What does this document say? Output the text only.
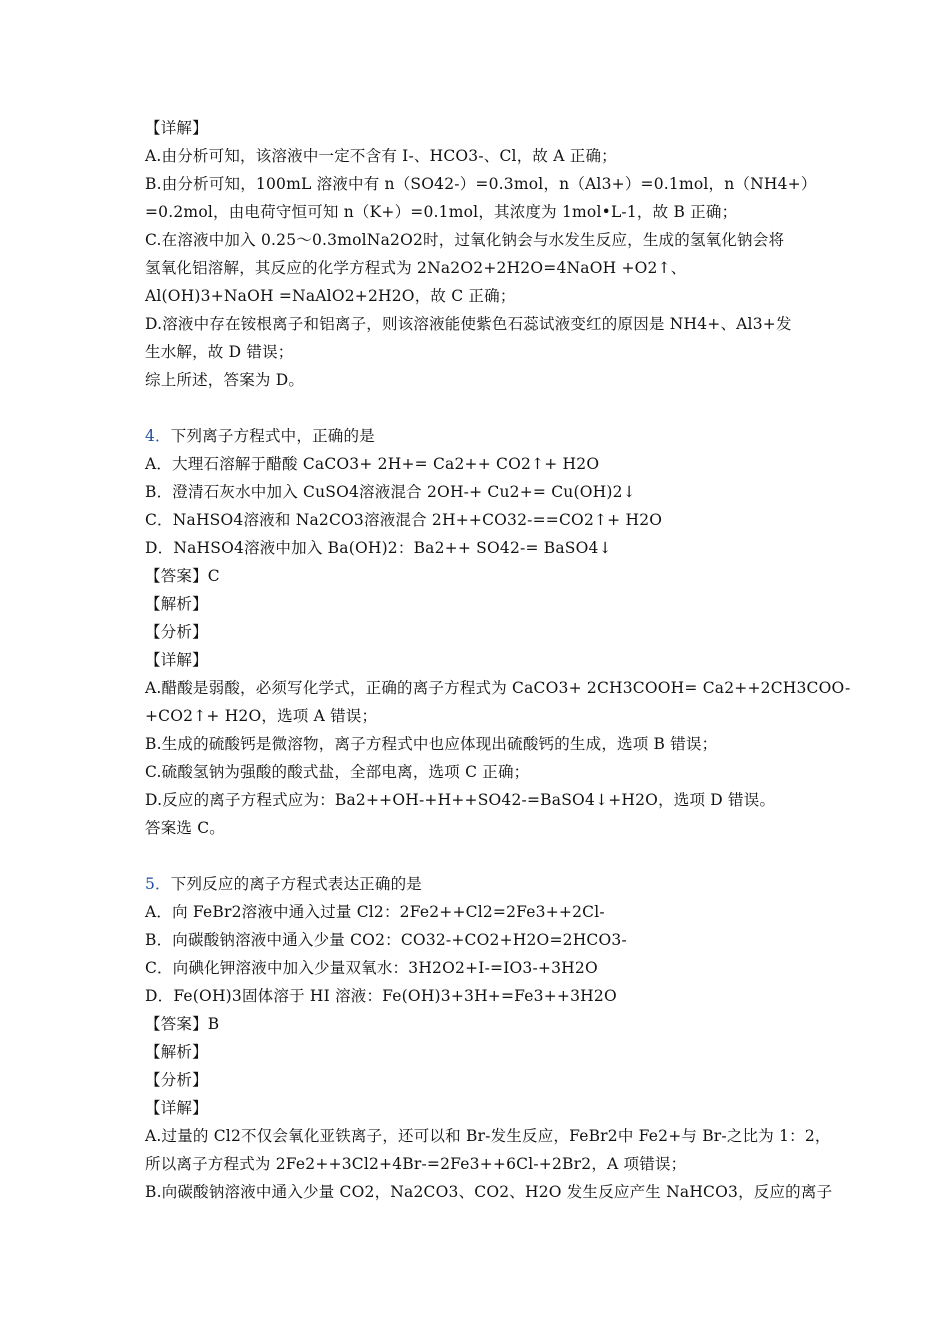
【详解】
A.由分析可知，该溶液中一定不含有 I-、HCO3-、Cl，故 A 正确；
B.由分析可知，100mL 溶液中有 n（SO42-）=0.3mol，n（Al3+）=0.1mol，n（NH4+）
=0.2mol，由电荷守恒可知 n（K+）=0.1mol，其浓度为 1mol•L-1，故 B 正确；
C.在溶液中加入 0.25～0.3molNa2O2时，过氧化钠会与水发生反应，生成的氢氧化钠会将
氢氧化铝溶解，其反应的化学方程式为 2Na2O2+2H2O=4NaOH +O2↑、
Al(OH)3+NaOH =NaAlO2+2H2O，故 C 正确；
D.溶液中存在铵根离子和铝离子，则该溶液能使紫色石蕊试液变红的原因是 NH4+、Al3+发
生水解，故 D 错误；
综上所述，答案为 D。
4．下列离子方程式中，正确的是
A．大理石溶解于醋酸 CaCO3+ 2H+= Ca2++ CO2↑+ H2O
B．澄清石灰水中加入 CuSO4溶液混合 2OH-+ Cu2+= Cu(OH)2↓
C．NaHSO4溶液和 Na2CO3溶液混合 2H++CO32-==CO2↑+ H2O
D．NaHSO4溶液中加入 Ba(OH)2：Ba2++ SO42-= BaSO4↓
【答案】C
【解析】
【分析】
【详解】
A.醋酸是弱酸，必须写化学式，正确的离子方程式为 CaCO3+ 2CH3COOH= Ca2++2CH3COO-
+CO2↑+ H2O，选项 A 错误；
B.生成的硫酸钙是微溶物，离子方程式中也应体现出硫酸钙的生成，选项 B 错误；
C.硫酸氢钠为强酸的酸式盐，全部电离，选项 C 正确；
D.反应的离子方程式应为：Ba2++OH-+H++SO42-=BaSO4↓+H2O，选项 D 错误。
答案选 C。
5．下列反应的离子方程式表达正确的是
A．向 FeBr2溶液中通入过量 Cl2：2Fe2++Cl2=2Fe3++2Cl-
B．向碳酸钠溶液中通入少量 CO2：CO32-+CO2+H2O=2HCO3-
C．向碘化钾溶液中加入少量双氧水：3H2O2+I-=IO3-+3H2O
D．Fe(OH)3固体溶于 HI 溶液：Fe(OH)3+3H+=Fe3++3H2O
【答案】B
【解析】
【分析】
【详解】
A.过量的 Cl2不仅会氧化亚铁离子，还可以和 Br-发生反应，FeBr2中 Fe2+与 Br-之比为 1：2，
所以离子方程式为 2Fe2++3Cl2+4Br-=2Fe3++6Cl-+2Br2，A 项错误；
B.向碳酸钠溶液中通入少量 CO2，Na2CO3、CO2、H2O 发生反应产生 NaHCO3，反应的离子
